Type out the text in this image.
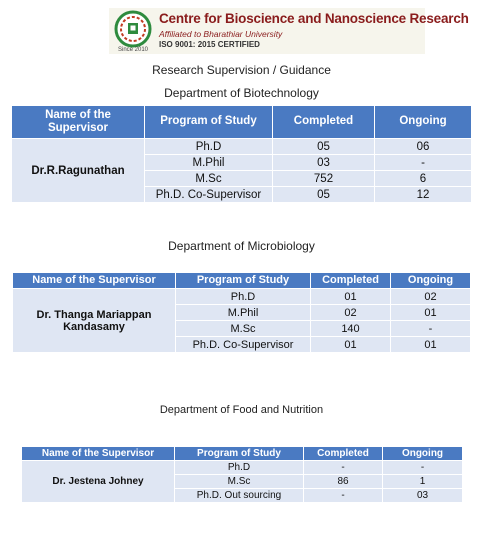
Since 2010
Centre for Bioscience and Nanoscience Research
Affiliated to Bharathiar University
ISO 9001: 2015 CERTIFIED
Research Supervision / Guidance
Department of Biotechnology
Name of the Supervisor	Program of Study	Completed	Ongoing
Dr.R.Ragunathan	Ph.D	05	06
	M.Phil	03	-
	M.Sc	752	6
	Ph.D. Co-Supervisor	05	12
Department of Microbiology
Name of the Supervisor	Program of Study	Completed	Ongoing
Dr. Thanga Mariappan Kandasamy	Ph.D	01	02
	M.Phil	02	01
	M.Sc	140	-
	Ph.D. Co-Supervisor	01	01
Department of Food and Nutrition
Name of the Supervisor	Program of Study	Completed	Ongoing
Dr. Jestena Johney	Ph.D	-	-
	M.Sc	86	1
	Ph.D. Out sourcing	-	03
